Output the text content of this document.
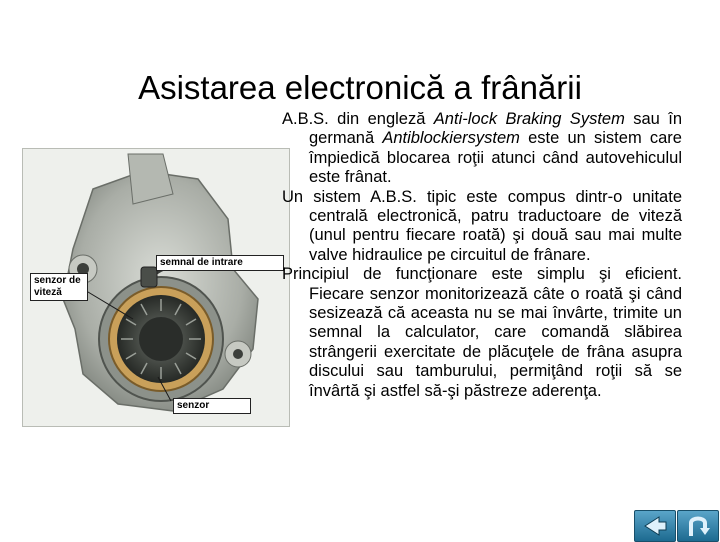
Asistarea electronică a frânării
senzor de viteză
semnal de intrare
senzor

A.B.S. din engleză Anti-lock Braking System sau în germană Antiblockiersystem este un sistem care împiedică blocarea roţii atunci când autovehiculul este frânat.

Un sistem A.B.S. tipic este compus dintr-o unitate centrală electronică, patru traductoare de viteză (unul pentru fiecare roată) şi două sau mai multe valve hidraulice pe circuitul de frânare.

Principiul de funcţionare este simplu şi eficient. Fiecare senzor monitorizează câte o roată şi când sesizează că aceasta nu se mai învârte, trimite un semnal la calculator, care comandă slăbirea strângerii exercitate de plăcuţele de frâna asupra discului sau tamburului, permiţând roţii să se învârtă şi astfel să-şi păstreze aderenţa.
